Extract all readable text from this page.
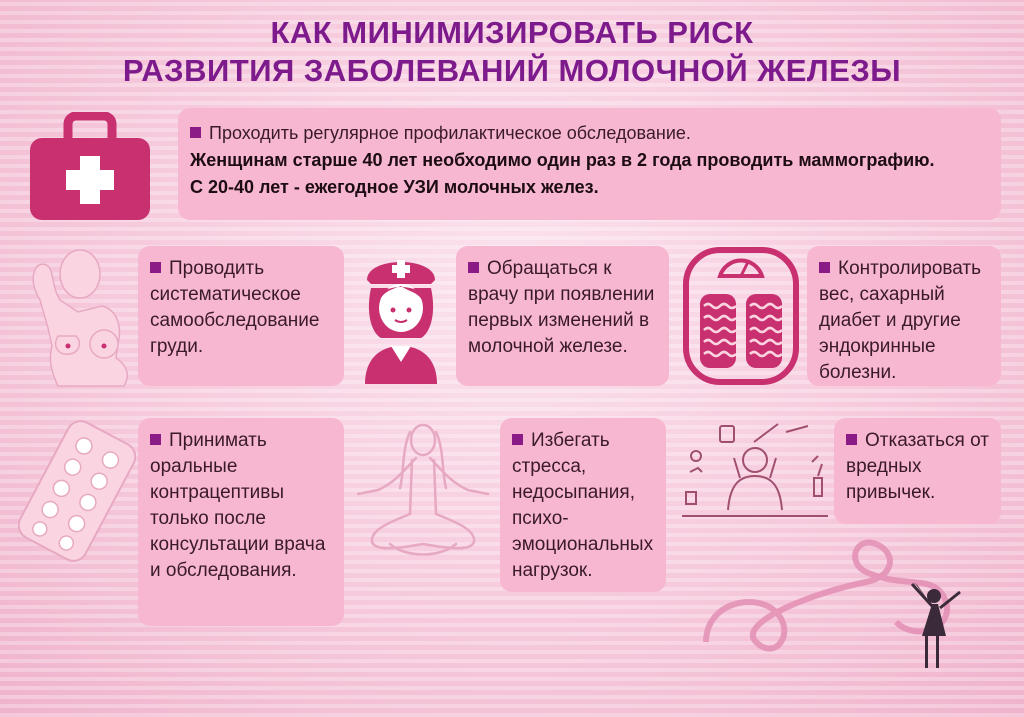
КАК МИНИМИЗИРОВАТЬ РИСК
РАЗВИТИЯ ЗАБОЛЕВАНИЙ МОЛОЧНОЙ ЖЕЛЕЗЫ
Проходить регулярное профилактическое обследование.
Женщинам старше 40 лет необходимо один раз в 2 года проводить маммографию.
С 20-40 лет - ежегодное УЗИ молочных желез.
Проводить систематическое самообследование груди.
Обращаться к врачу при появлении первых изменений в молочной железе.
Контролировать вес, сахарный диабет и другие эндокринные болезни.
Принимать оральные контрацептивы только после консультации врача и обследования.
Избегать стресса, недосыпания, психо-эмоциональных нагрузок.
Отказаться от вредных привычек.
